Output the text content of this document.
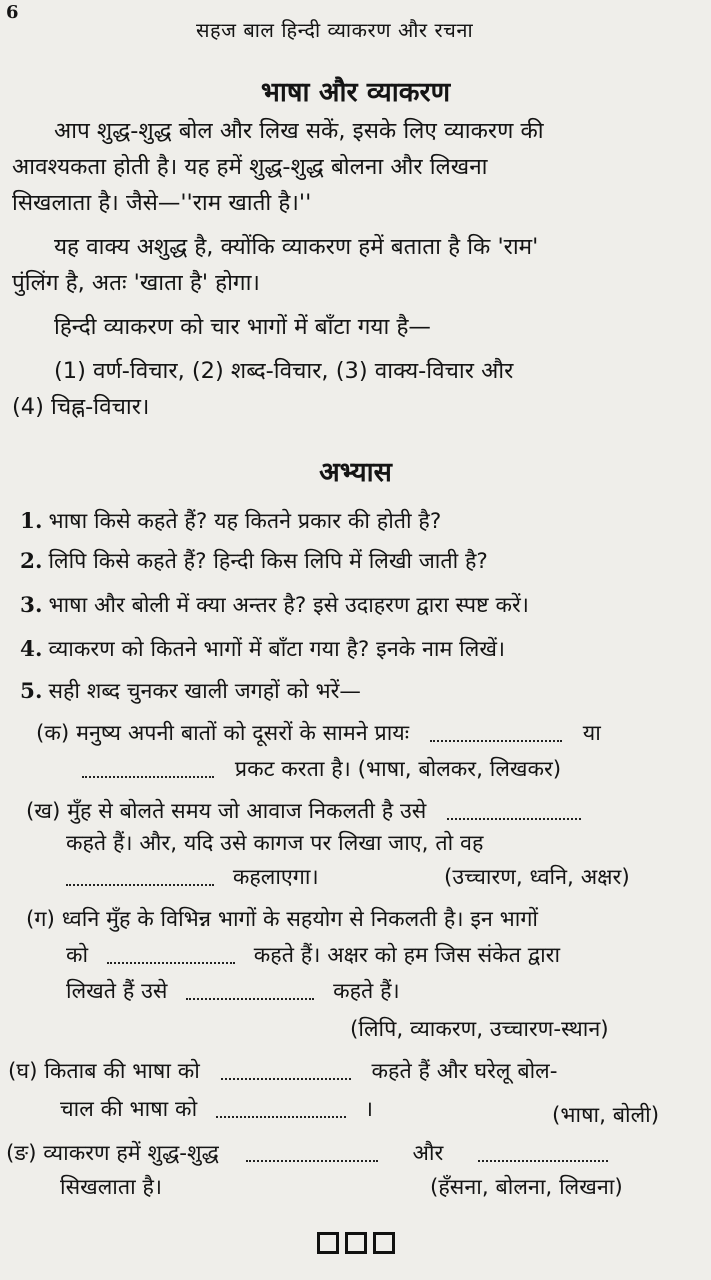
6
सहज बाल हिन्दी व्याकरण और रचना
भाषा और व्याकरण
आप शुद्ध-शुद्ध बोल और लिख सकें, इसके लिए व्याकरण की
आवश्यकता होती है। यह हमें शुद्ध-शुद्ध बोलना और लिखना
सिखलाता है। जैसे—''राम खाती है।''
यह वाक्य अशुद्ध है, क्योंकि व्याकरण हमें बताता है कि 'राम'
पुंलिंग है, अतः 'खाता है' होगा।
हिन्दी व्याकरण को चार भागों में बाँटा गया है—
(1) वर्ण-विचार, (2) शब्द-विचार, (3) वाक्य-विचार और
(4) चिह्न-विचार।
अभ्यास
1. भाषा किसे कहते हैं? यह कितने प्रकार की होती है?
2. लिपि किसे कहते हैं? हिन्दी किस लिपि में लिखी जाती है?
3. भाषा और बोली में क्या अन्तर है? इसे उदाहरण द्वारा स्पष्ट करें।
4. व्याकरण को कितने भागों में बाँटा गया है? इनके नाम लिखें।
5. सही शब्द चुनकर खाली जगहों को भरें—
(क) मनुष्य अपनी बातों को दूसरों के सामने प्रायः	या
प्रकट करता है। (भाषा, बोलकर, लिखकर)
(ख) मुँह से बोलते समय जो आवाज निकलती है उसे
कहते हैं। और, यदि उसे कागज पर लिखा जाए, तो वह
कहलाएगा।	(उच्चारण, ध्वनि, अक्षर)
(ग) ध्वनि मुँह के विभिन्न भागों के सहयोग से निकलती है। इन भागों
को	कहते हैं। अक्षर को हम जिस संकेत द्वारा
लिखते हैं उसे	कहते हैं।
(लिपि, व्याकरण, उच्चारण-स्थान)
(घ) किताब की भाषा को	कहते हैं और घरेलू बोल-
चाल की भाषा को	।	(भाषा, बोली)
(ङ) व्याकरण हमें शुद्ध-शुद्ध	और
सिखलाता है।	(हँसना, बोलना, लिखना)
